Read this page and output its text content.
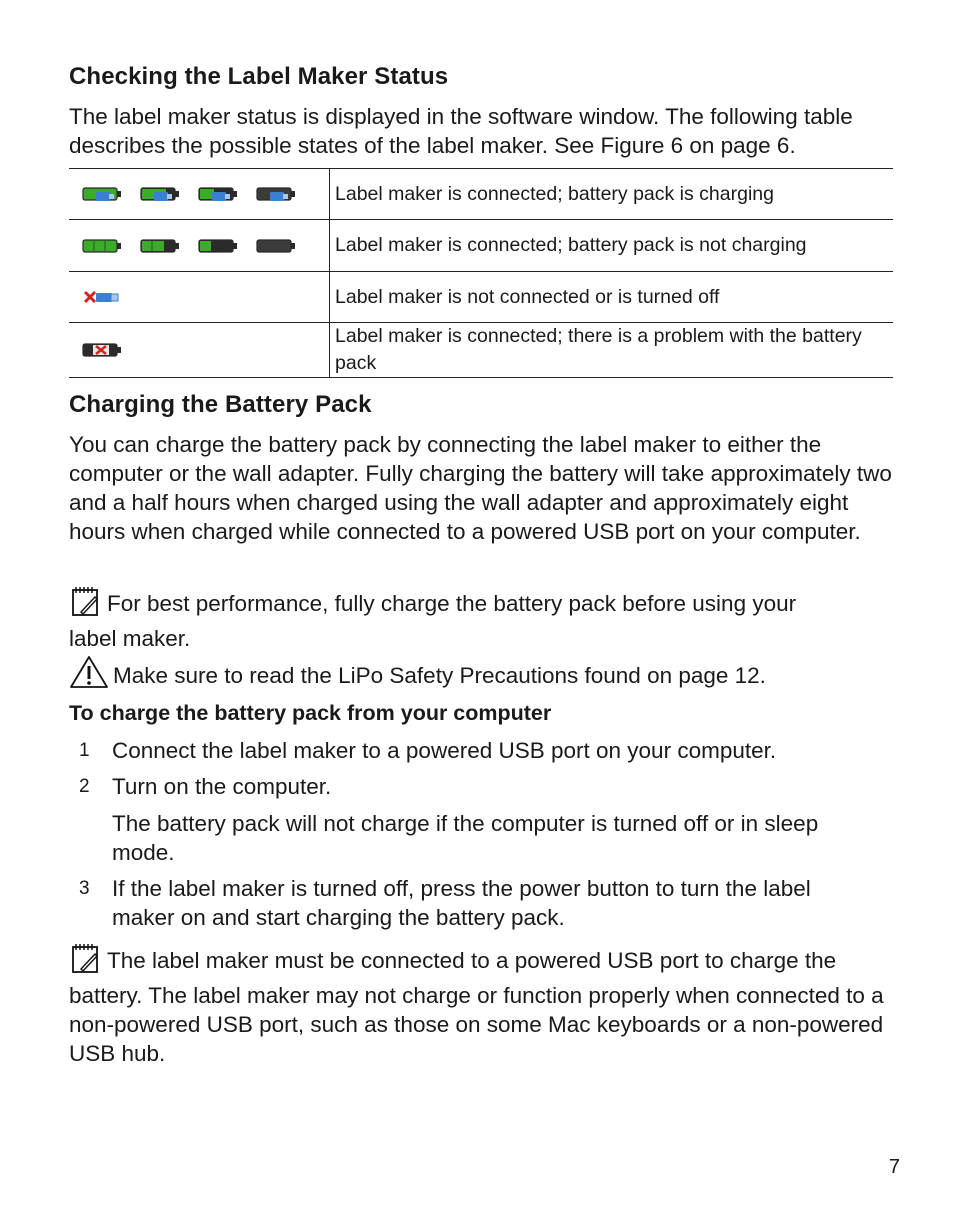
Checking the Label Maker Status

The label maker status is displayed in the software window. The following table describes the possible states of the label maker. See Figure 6 on page 6.

	Label maker is connected; battery pack is charging

	Label maker is connected; battery pack is not charging

	Label maker is not connected or is turned off

	Label maker is connected; there is a problem with the battery pack
Charging the Battery Pack

You can charge the battery pack by connecting the label maker to either the computer or the wall adapter. Fully charging the battery will take approximately two and a half hours when charged using the wall adapter and approximately eight hours when charged while connected to a powered USB port on your computer.

For best performance, fully charge the battery pack before using your label maker.

Make sure to read the LiPo Safety Precautions found on page 12.

To charge the battery pack from your computer

1 Connect the label maker to a powered USB port on your computer.
2 Turn on the computer.
The battery pack will not charge if the computer is turned off or in sleep mode.
3 If the label maker is turned off, press the power button to turn the label maker on and start charging the battery pack.

The label maker must be connected to a powered USB port to charge the battery. The label maker may not charge or function properly when connected to a non-powered USB port, such as those on some Mac keyboards or a non-powered USB hub.

7
